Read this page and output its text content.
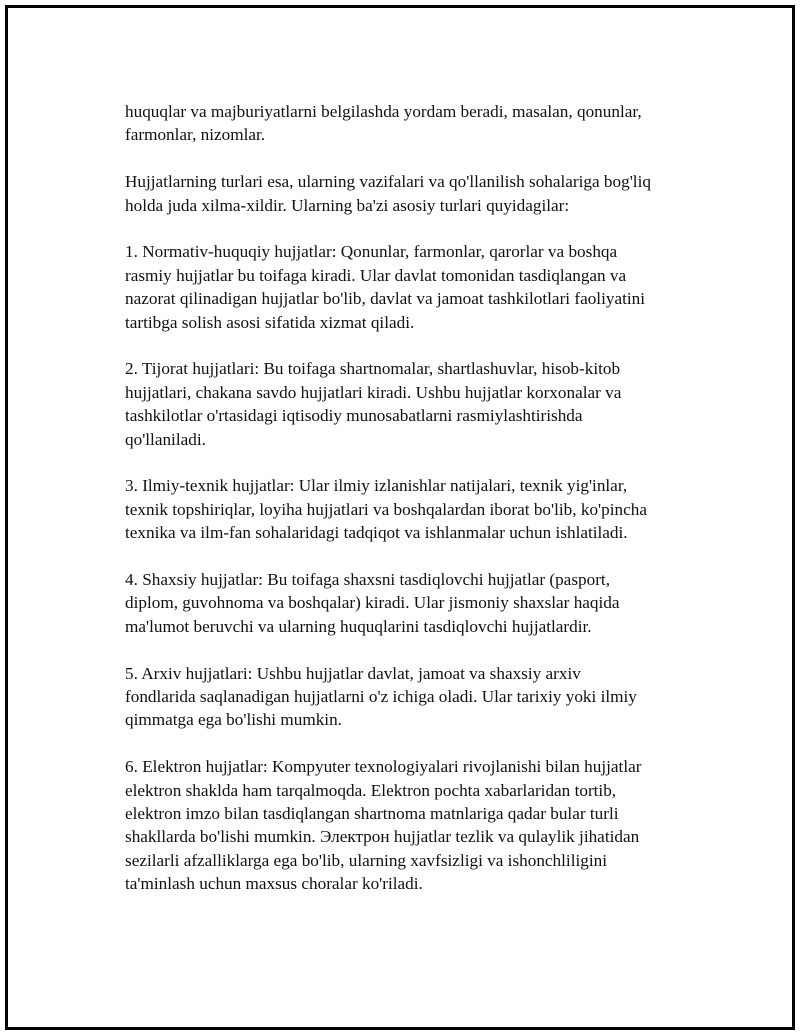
huquqlar va majburiyatlarni belgilashda yordam beradi, masalan, qonunlar,
farmonlar, nizomlar.

Hujjatlarning turlari esa, ularning vazifalari va qo'llanilish sohalariga bog'liq
holda juda xilma-xildir. Ularning ba'zi asosiy turlari quyidagilar:

1. Normativ-huquqiy hujjatlar: Qonunlar, farmonlar, qarorlar va boshqa
rasmiy hujjatlar bu toifaga kiradi. Ular davlat tomonidan tasdiqlangan va
nazorat qilinadigan hujjatlar bo'lib, davlat va jamoat tashkilotlari faoliyatini
tartibga solish asosi sifatida xizmat qiladi.

2. Tijorat hujjatlari: Bu toifaga shartnomalar, shartlashuvlar, hisob-kitob
hujjatlari, chakana savdo hujjatlari kiradi. Ushbu hujjatlar korxonalar va
tashkilotlar o'rtasidagi iqtisodiy munosabatlarni rasmiylashtirishda
qo'llaniladi.

3. Ilmiy-texnik hujjatlar: Ular ilmiy izlanishlar natijalari, texnik yig'inlar,
texnik topshiriqlar, loyiha hujjatlari va boshqalardan iborat bo'lib, ko'pincha
texnika va ilm-fan sohalaridagi tadqiqot va ishlanmalar uchun ishlatiladi.

4. Shaxsiy hujjatlar: Bu toifaga shaxsni tasdiqlovchi hujjatlar (pasport,
diplom, guvohnoma va boshqalar) kiradi. Ular jismoniy shaxslar haqida
ma'lumot beruvchi va ularning huquqlarini tasdiqlovchi hujjatlardir.

5. Arxiv hujjatlari: Ushbu hujjatlar davlat, jamoat va shaxsiy arxiv
fondlarida saqlanadigan hujjatlarni o'z ichiga oladi. Ular tarixiy yoki ilmiy
qimmatga ega bo'lishi mumkin.

6. Elektron hujjatlar: Kompyuter texnologiyalari rivojlanishi bilan hujjatlar
elektron shaklda ham tarqalmoqda. Elektron pochta xabarlaridan tortib,
elektron imzo bilan tasdiqlangan shartnoma matnlariga qadar bular turli
shakllarda bo'lishi mumkin. Электрон hujjatlar tezlik va qulaylik jihatidan
sezilarli afzalliklarga ega bo'lib, ularning xavfsizligi va ishonchliligini
ta'minlash uchun maxsus choralar ko'riladi.
